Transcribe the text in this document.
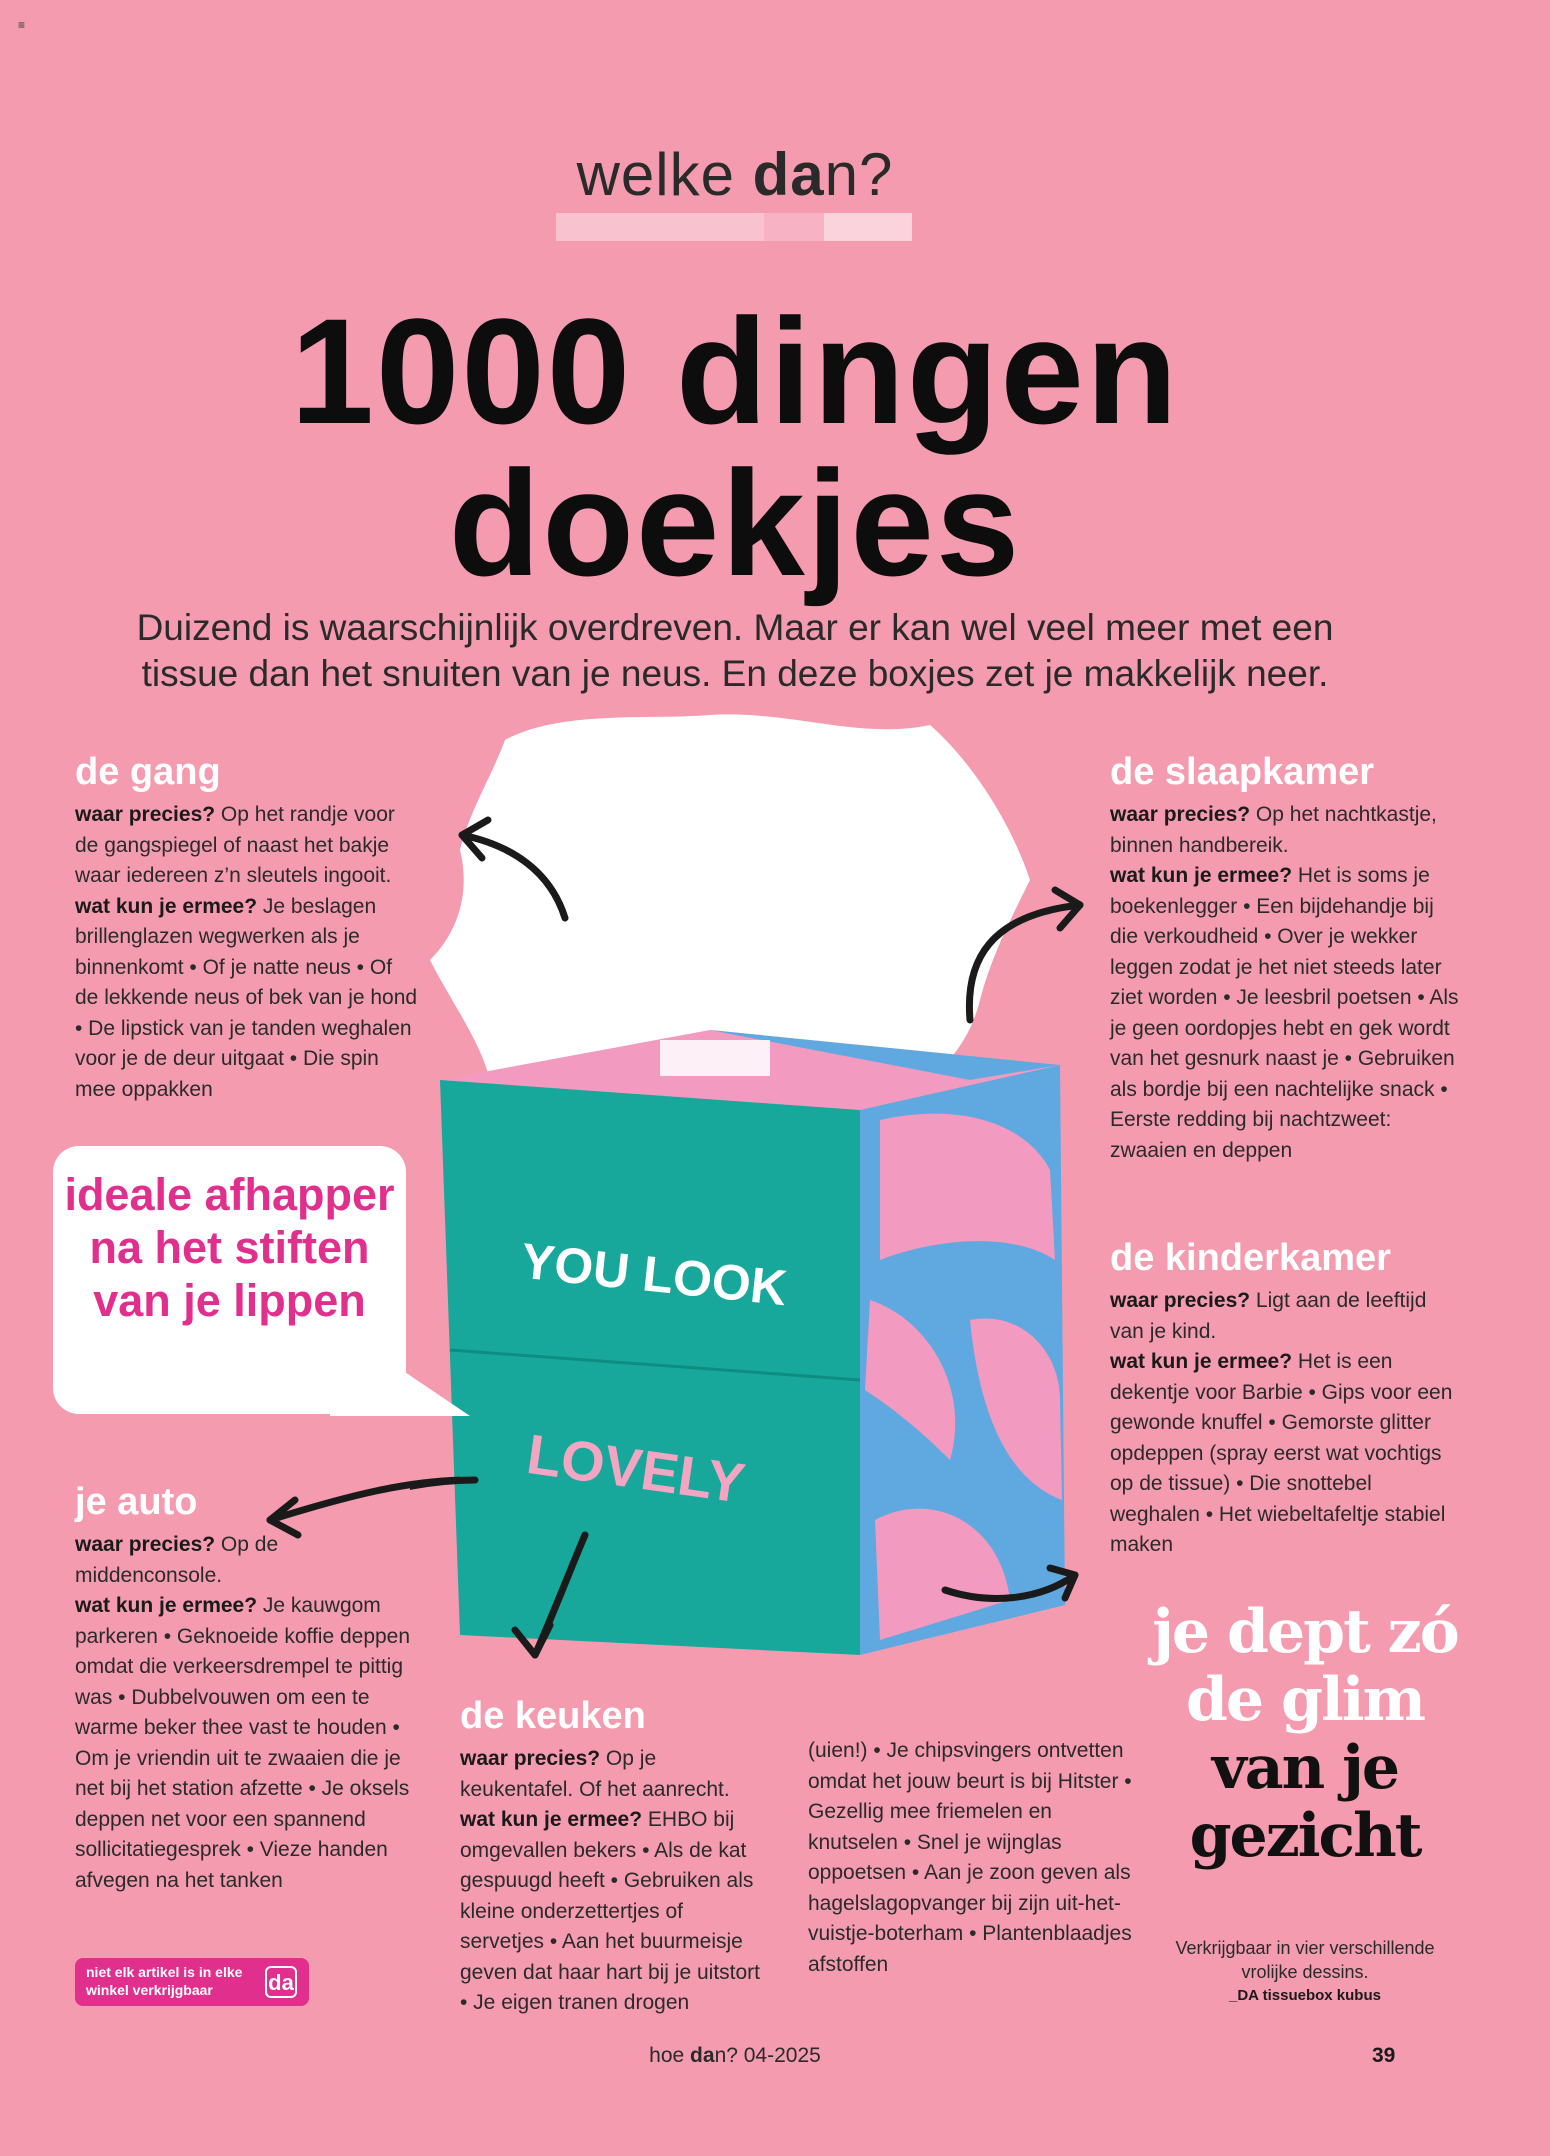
≡
welke dan?
1000 dingen
doekjes
Duizend is waarschijnlijk overdreven. Maar er kan wel veel meer met een tissue dan het snuiten van je neus. En deze boxjes zet je makkelijk neer.
YOU LOOK
LOVELY
de gang

waar precies? Op het randje voor de gangspiegel of naast het bakje waar iedereen z’n sleutels ingooit.
wat kun je ermee? Je beslagen brillenglazen wegwerken als je binnenkomt • Of je natte neus • Of de lekkende neus of bek van je hond • De lipstick van je tanden weghalen voor je de deur uitgaat • Die spin mee oppakken

de slaapkamer

waar precies? Op het nachtkastje, binnen handbereik.
wat kun je ermee? Het is soms je boekenlegger • Een bijdehandje bij die verkoudheid • Over je wekker leggen zodat je het niet steeds later ziet worden • Je leesbril poetsen • Als je geen oordopjes hebt en gek wordt van het gesnurk naast je • Gebruiken als bordje bij een nachtelijke snack • Eerste redding bij nachtzweet: zwaaien en deppen

de kinderkamer

waar precies? Ligt aan de leeftijd van je kind.
wat kun je ermee? Het is een dekentje voor Barbie • Gips voor een gewonde knuffel • Gemorste glitter opdeppen (spray eerst wat vochtigs op de tissue) • Die snottebel weghalen • Het wiebeltafeltje stabiel maken

je auto

waar precies? Op de middenconsole.
wat kun je ermee? Je kauwgom parkeren • Geknoeide koffie deppen omdat die verkeersdrempel te pittig was • Dubbelvouwen om een te warme beker thee vast te houden • Om je vriendin uit te zwaaien die je net bij het station afzette • Je oksels deppen net voor een spannend sollicitatiegesprek • Vieze handen afvegen na het tanken

de keuken

waar precies? Op je keukentafel. Of het aanrecht.
wat kun je ermee? EHBO bij omgevallen bekers • Als de kat gespuugd heeft • Gebruiken als kleine onderzettertjes of servetjes • Aan het buurmeisje geven dat haar hart bij je uitstort • Je eigen tranen drogen

(uien!) • Je chipsvingers ontvetten omdat het jouw beurt is bij Hitster • Gezellig mee friemelen en knutselen • Snel je wijnglas oppoetsen • Aan je zoon geven als hagelslagopvanger bij zijn uit-het-vuistje-boterham • Plantenblaadjes afstoffen

ideale afhapper na het stiften van je lippen
je dept zó de glim
van je gezicht
Verkrijgbaar in vier verschillende vrolijke dessins.
_DA tissuebox kubus
niet elk artikel is in elke winkel verkrijgbaar	da
hoe dan? 04-2025	39
